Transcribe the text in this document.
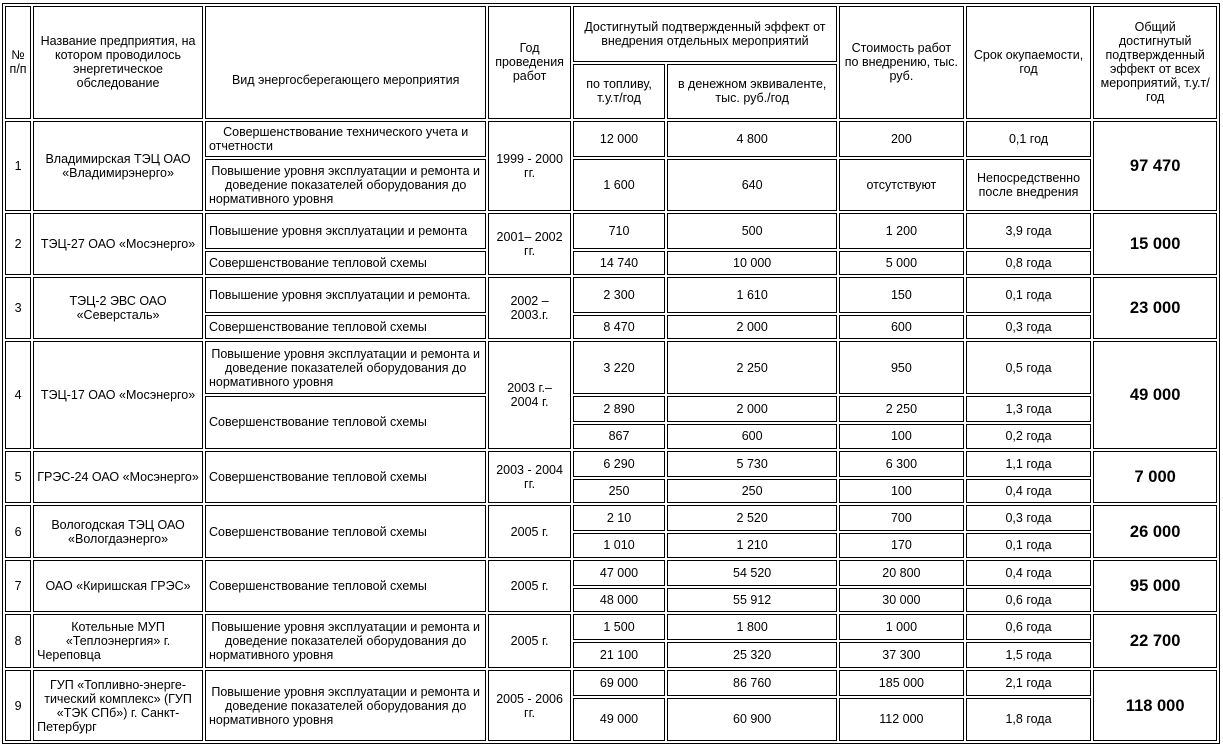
№ п/п	Название предприятия, на котором проводилось энергетическое обследование	Вид энергосберегающего мероприятия	Год проведения работ	Достигнутый подтвержденный эффект от внедрения отдельных мероприятий		Стоимость работ по внедрению, тыс. руб.	Срок окупаемости, год	Общий достигнутый подтвержденный эффект от всех мероприятий, т.у.т/год
				по топливу, т.у.т/год	в денежном эквиваленте, тыс. руб./год			
1	Владимирская ТЭЦ ОАО «Владимирэнерго»	Совершенствование технического учета и отчетности	1999 - 2000 гг.	12 000	4 800	200	0,1 год	97 470
		Повышение уровня эксплуатации и ремонта и доведение показателей оборудования до нормативного уровня		1 600	640	отсутствуют	Непосредственно после внедрения	
2	ТЭЦ-27 ОАО «Мосэнерго»	Повышение уровня эксплуатации и ремонта	2001– 2002 гг.	710	500	1 200	3,9 года	15 000
		Совершенствование тепловой схемы		14 740	10 000	5 000	0,8 года	
3	ТЭЦ-2 ЭВС ОАО «Северсталь»	Повышение уровня эксплуатации и ремонта.	2002 – 2003.г.	2 300	1 610	150	0,1 года	23 000
		Совершенствование тепловой схемы		8 470	2 000	600	0,3 года	
4	ТЭЦ-17 ОАО «Мосэнерго»	Повышение уровня эксплуатации и ремонта и доведение показателей оборудования до нормативного уровня	2003 г.– 2004 г.	3 220	2 250	950	0,5 года	49 000
		Совершенствование тепловой схемы		2 890	2 000	2 250	1,3 года	
				867	600	100	0,2 года	
5	ГРЭС-24 ОАО «Мосэнерго»	Совершенствование тепловой схемы	2003 - 2004 гг.	6 290	5 730	6 300	1,1 года	7 000
				250	250	100	0,4 года	
6	Вологодская ТЭЦ ОАО «Вологдаэнерго»	Совершенствование тепловой схемы	2005 г.	2 10	2 520	700	0,3 года	26 000
				1 010	1 210	170	0,1 года	
7	ОАО «Киришская ГРЭС»	Совершенствование тепловой схемы	2005 г.	47 000	54 520	20 800	0,4 года	95 000
				48 000	55 912	30 000	0,6 года	
8	Котельные МУП «Теплоэнергия» г. Череповца	Повышение уровня эксплуатации и ремонта и доведение показателей оборудования до нормативного уровня	2005 г.	1 500	1 800	1 000	0,6 года	22 700
				21 100	25 320	37 300	1,5 года	
9	ГУП «Топливно-энерге-тический комплекс» (ГУП «ТЭК СПб») г. Санкт-Петербург	Повышение уровня эксплуатации и ремонта и доведение показателей оборудования до нормативного уровня	2005 - 2006 гг.	69 000	86 760	185 000	2,1 года	118 000
				49 000	60 900	112 000	1,8 года	
